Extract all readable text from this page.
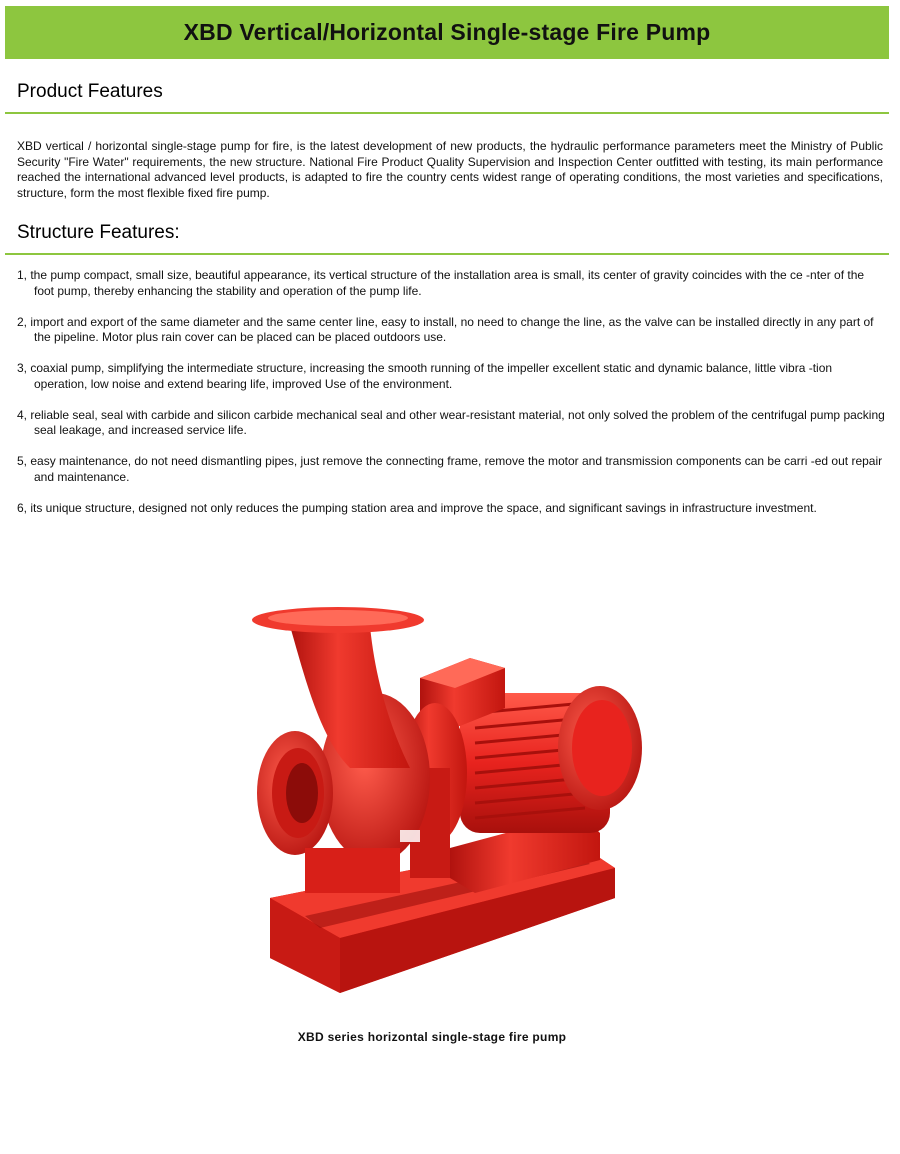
XBD Vertical/Horizontal Single-stage Fire Pump
Product Features

XBD vertical / horizontal single-stage pump for fire, is the latest development of new products, the hydraulic performance parameters meet the Ministry of Public Security "Fire Water" requirements, the new structure. National Fire Product Quality Supervision and Inspection Center outfitted with testing, its main performance reached the international advanced level products, is adapted to fire the country cents widest range of operating conditions, the most varieties and specifications, structure, form the most flexible fixed fire pump.

Structure Features:
1, the pump compact, small size, beautiful appearance, its vertical structure of the installation area is small, its center of gravity coincides with the ce -nter of the foot pump, thereby enhancing the stability and operation of the pump life.
2, import and export of the same diameter and the same center line, easy to install, no need to change the line, as the valve can be installed directly in any part of the pipeline. Motor plus rain cover can be placed can be placed outdoors use.
3, coaxial pump, simplifying the intermediate structure, increasing the smooth running of the impeller excellent static and dynamic balance, little vibra -tion operation, low noise and extend bearing life, improved Use of the environment.
4, reliable seal, seal with carbide and silicon carbide mechanical seal and other wear-resistant material, not only solved the problem of the centrifugal pump packing seal leakage, and increased service life.
5, easy maintenance, do not need dismantling pipes, just remove the connecting frame, remove the motor and transmission components can be carri -ed out repair and maintenance.
6, its unique structure, designed not only reduces the pumping station area and improve the space, and significant savings in infrastructure investment.
XBD series horizontal single-stage fire pump
